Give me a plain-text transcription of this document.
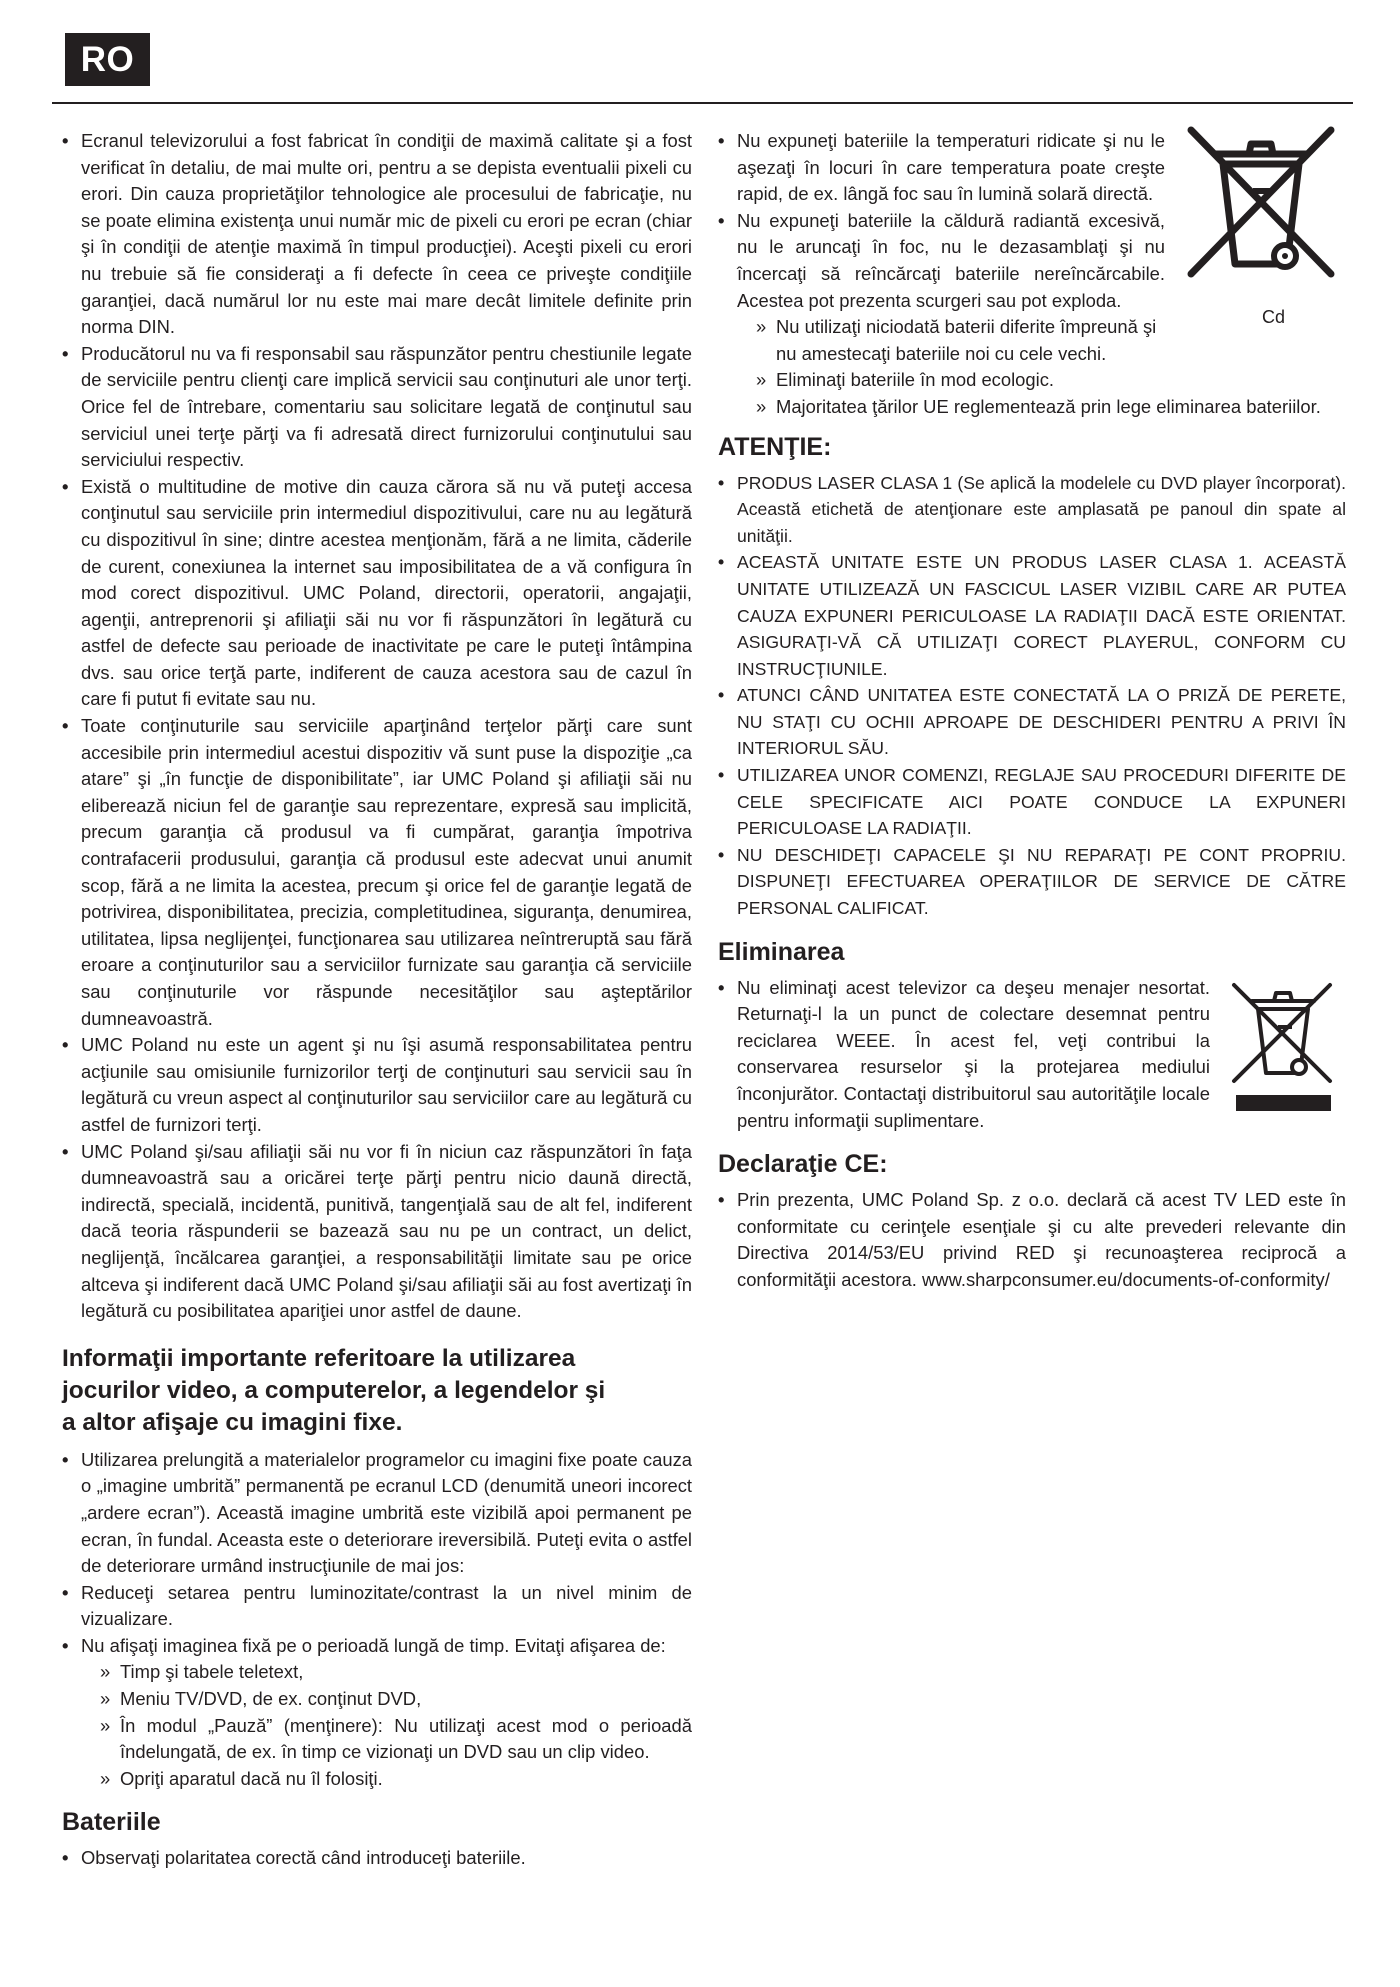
RO
• Ecranul televizorului a fost fabricat în condiţii de maximă calitate şi a fost verificat în detaliu, de mai multe ori, pentru a se depista eventualii pixeli cu erori. Din cauza proprietăţilor tehnologice ale procesului de fabricaţie, nu se poate elimina existenţa unui număr mic de pixeli cu erori pe ecran (chiar şi în condiţii de atenţie maximă în timpul producţiei). Aceşti pixeli cu erori nu trebuie să fie consideraţi a fi defecte în ceea ce priveşte condiţiile garanţiei, dacă numărul lor nu este mai mare decât limitele definite prin norma DIN.
• Producătorul nu va fi responsabil sau răspunzător pentru chestiunile legate de serviciile pentru clienţi care implică servicii sau conţinuturi ale unor terţi. Orice fel de întrebare, comentariu sau solicitare legată de conţinutul sau serviciul unei terţe părţi va fi adresată direct furnizorului conţinutului sau serviciului respectiv.
• Există o multitudine de motive din cauza cărora să nu vă puteţi accesa conţinutul sau serviciile prin intermediul dispozitivului, care nu au legătură cu dispozitivul în sine; dintre acestea menţionăm, fără a ne limita, căderile de curent, conexiunea la internet sau imposibilitatea de a vă configura în mod corect dispozitivul. UMC Poland, directorii, operatorii, angajaţii, agenţii, antreprenorii şi afiliaţii săi nu vor fi răspunzători în legătură cu astfel de defecte sau perioade de inactivitate pe care le puteţi întâmpina dvs. sau orice terţă parte, indiferent de cauza acestora sau de cazul în care fi putut fi evitate sau nu.
• Toate conţinuturile sau serviciile aparţinând terţelor părţi care sunt accesibile prin intermediul acestui dispozitiv vă sunt puse la dispoziţie „ca atare” şi „în funcţie de disponibilitate”, iar UMC Poland şi afiliaţii săi nu eliberează niciun fel de garanţie sau reprezentare, expresă sau implicită, precum garanţia că produsul va fi cumpărat, garanţia împotriva contrafacerii produsului, garanţia că produsul este adecvat unui anumit scop, fără a ne limita la acestea, precum şi orice fel de garanţie legată de potrivirea, disponibilitatea, precizia, completitudinea, siguranţa, denumirea, utilitatea, lipsa neglijenţei, funcţionarea sau utilizarea neîntreruptă sau fără eroare a conţinuturilor sau a serviciilor furnizate sau garanţia că serviciile sau conţinuturile vor răspunde necesităţilor sau aşteptărilor dumneavoastră.
• UMC Poland nu este un agent şi nu îşi asumă responsabilitatea pentru acţiunile sau omisiunile furnizorilor terţi de conţinuturi sau servicii sau în legătură cu vreun aspect al conţinuturilor sau serviciilor care au legătură cu astfel de furnizori terţi.
• UMC Poland şi/sau afiliaţii săi nu vor fi în niciun caz răspunzători în faţa dumneavoastră sau a oricărei terţe părţi pentru nicio daună directă, indirectă, specială, incidentă, punitivă, tangenţială sau de alt fel, indiferent dacă teoria răspunderii se bazează sau nu pe un contract, un delict, neglijenţă, încălcarea garanţiei, a responsabilităţii limitate sau pe orice altceva şi indiferent dacă UMC Poland şi/sau afiliaţii săi au fost avertizaţi în legătură cu posibilitatea apariţiei unor astfel de daune.
Informaţii importante referitoare la utilizarea jocurilor video, a computerelor, a legendelor şi a altor afişaje cu imagini fixe.
• Utilizarea prelungită a materialelor programelor cu imagini fixe poate cauza o „imagine umbrită” permanentă pe ecranul LCD (denumită uneori incorect „ardere ecran”). Această imagine umbrită este vizibilă apoi permanent pe ecran, în fundal. Aceasta este o deteriorare ireversibilă. Puteţi evita o astfel de deteriorare urmând instrucţiunile de mai jos:
• Reduceţi setarea pentru luminozitate/contrast la un nivel minim de vizualizare.
• Nu afişaţi imaginea fixă pe o perioadă lungă de timp. Evitaţi afişarea de:
» Timp şi tabele teletext,
» Meniu TV/DVD, de ex. conţinut DVD,
» În modul „Pauză” (menţinere): Nu utilizaţi acest mod o perioadă îndelungată, de ex. în timp ce vizionaţi un DVD sau un clip video.
» Opriţi aparatul dacă nu îl folosiţi.
Bateriile
• Observaţi polaritatea corectă când introduceţi bateriile.
Cd
• Nu expuneţi bateriile la temperaturi ridicate şi nu le aşezaţi în locuri în care temperatura poate creşte rapid, de ex. lângă foc sau în lumină solară directă.
• Nu expuneţi bateriile la căldură radiantă excesivă, nu le aruncaţi în foc, nu le dezasamblaţi şi nu încercaţi să reîncărcaţi bateriile nereîncărcabile. Acestea pot prezenta scurgeri sau pot exploda.
» Nu utilizaţi niciodată baterii diferite împreună şi nu amestecaţi bateriile noi cu cele vechi.
» Eliminaţi bateriile în mod ecologic.
» Majoritatea ţărilor UE reglementează prin lege eliminarea bateriilor.
ATENŢIE:
• PRODUS LASER CLASA 1 (Se aplică la modelele cu DVD player încorporat). Această etichetă de atenţionare este amplasată pe panoul din spate al unităţii.
• ACEASTĂ UNITATE ESTE UN PRODUS LASER CLASA 1. ACEASTĂ UNITATE UTILIZEAZĂ UN FASCICUL LASER VIZIBIL CARE AR PUTEA CAUZA EXPUNERI PERICULOASE LA RADIAŢII DACĂ ESTE ORIENTAT. ASIGURAŢI-VĂ CĂ UTILIZAŢI CORECT PLAYERUL, CONFORM CU INSTRUCŢIUNILE.
• ATUNCI CÂND UNITATEA ESTE CONECTATĂ LA O PRIZĂ DE PERETE, NU STAŢI CU OCHII APROAPE DE DESCHIDERI PENTRU A PRIVI ÎN INTERIORUL SĂU.
• UTILIZAREA UNOR COMENZI, REGLAJE SAU PROCEDURI DIFERITE DE CELE SPECIFICATE AICI POATE CONDUCE LA EXPUNERI PERICULOASE LA RADIAŢII.
• NU DESCHIDEŢI CAPACELE ŞI NU REPARAŢI PE CONT PROPRIU. DISPUNEŢI EFECTUAREA OPERAŢIILOR DE SERVICE DE CĂTRE PERSONAL CALIFICAT.
Eliminarea
• Nu eliminaţi acest televizor ca deşeu menajer nesortat. Returnaţi-l la un punct de colectare desemnat pentru reciclarea WEEE. În acest fel, veţi contribui la conservarea resurselor şi la protejarea mediului înconjurător. Contactaţi distribuitorul sau autorităţile locale pentru informaţii suplimentare.
Declaraţie CE:
• Prin prezenta, UMC Poland Sp. z o.o. declară că acest TV LED este în conformitate cu cerinţele esenţiale şi cu alte prevederi relevante din Directiva 2014/53/EU privind RED şi recunoaşterea reciprocă a conformităţii acestora. www.sharpconsumer.eu/documents-of-conformity/
